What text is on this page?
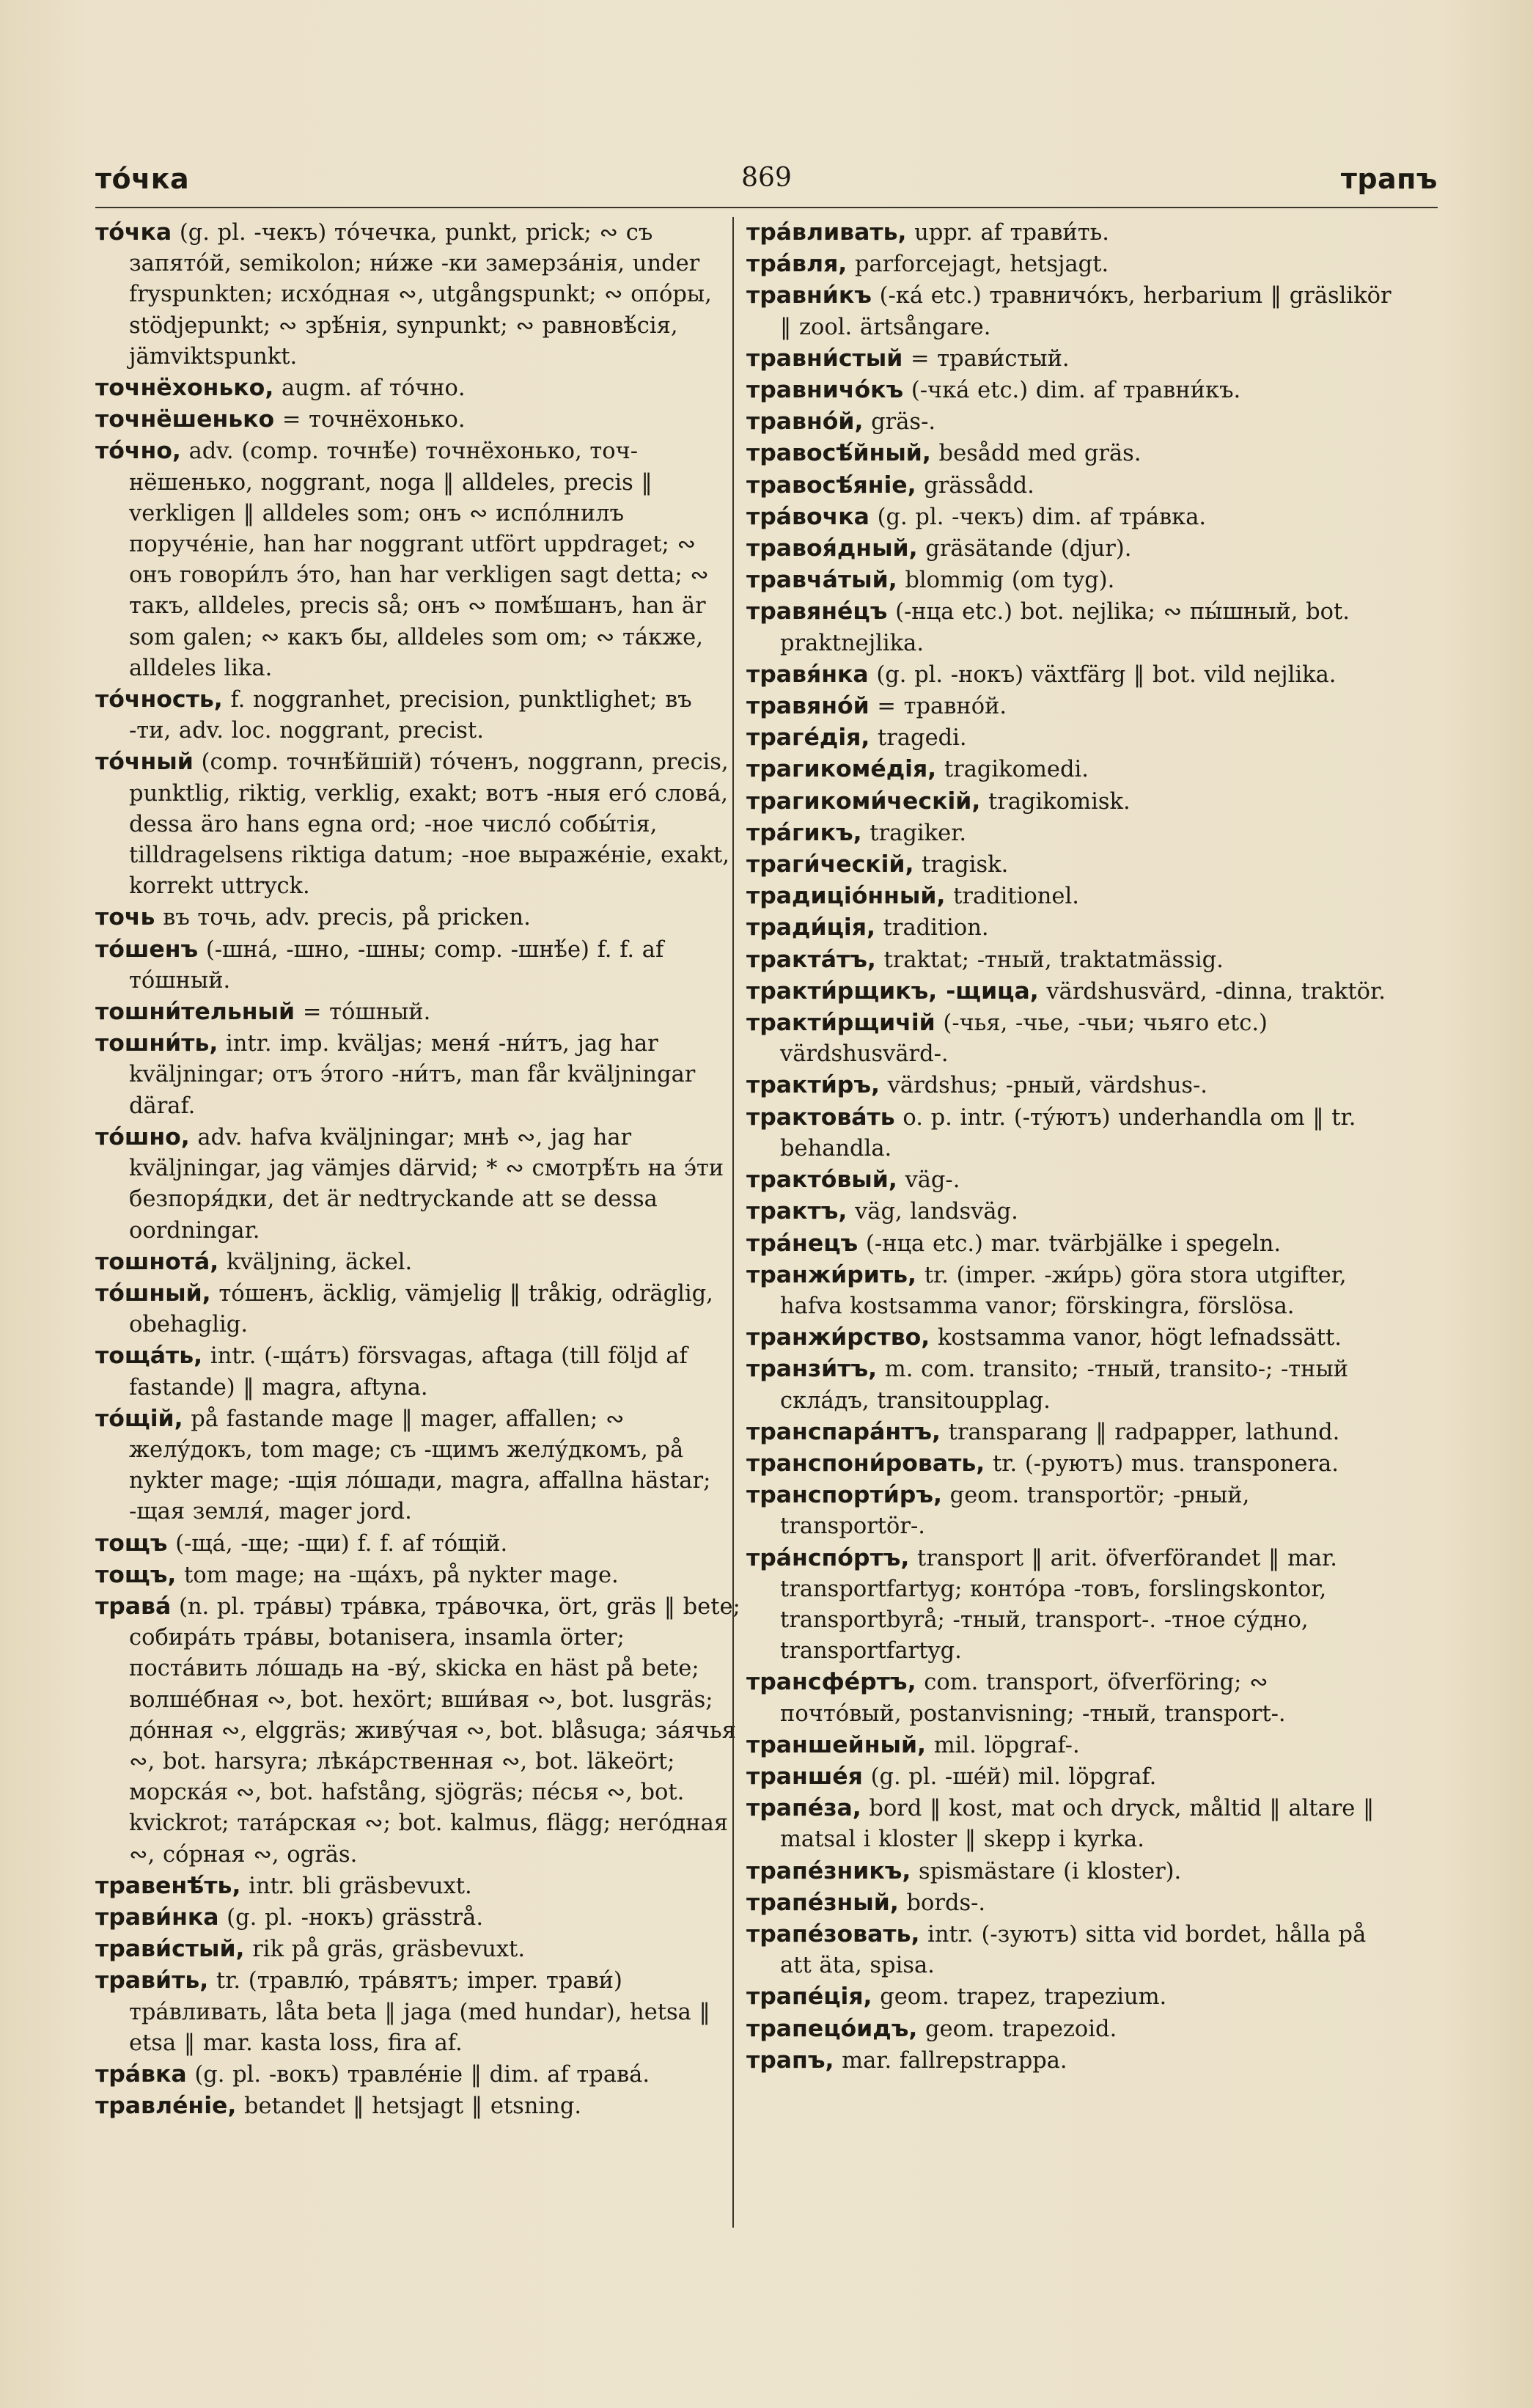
то́чка	869	трапъ

то́чка (g. pl. -чекъ) то́чечка, punkt, prick; ∾ съ запято́й, semikolon; ни́же -ки замерза́нія, under fryspunkten; исхо́дная ∾, utgångspunkt; ∾ опо́ры, stödjepunkt; ∾ зрѣ́нія, synpunkt; ∾ равновѣ́сія, jämviktspunkt.

точнёхонько, augm. af то́чно.

точнёшенько = точнёхонько.

то́чно, adv. (comp. точнѣ́е) точнёхонько, точнёшенько, noggrant, noga ‖ alldeles, precis ‖ verkligen ‖ alldeles som; онъ ∾ испо́лнилъ поруче́ніе, han har noggrant utfört uppdraget; ∾ онъ говори́лъ э́то, han har verkligen sagt detta; ∾ такъ, alldeles, precis så; онъ ∾ помѣ́шанъ, han är som galen; ∾ какъ бы, alldeles som om; ∾ та́кже, alldeles lika.

то́чность, f. noggranhet, precision, punktlighet; въ -ти, adv. loc. noggrant, precist.

то́чный (comp. точнѣ́йшій) то́ченъ, noggrann, precis, punktlig, riktig, verklig, exakt; вотъ -ныя его́ слова́, dessa äro hans egna ord; -ное число́ собы́тія, tilldragelsens riktiga datum; -ное выраже́ніе, exakt, korrekt uttryck.

точь въ точь, adv. precis, på pricken.

то́шенъ (-шна́, -шно, -шны; comp. -шнѣ́е) f. f. af то́шный.

тошни́тельный = то́шный.

тошни́ть, intr. imp. kväljas; меня́ -ни́тъ, jag har kväljningar; отъ э́того -ни́тъ, man får kväljningar däraf.

то́шно, adv. hafva kväljningar; мнѣ ∾, jag har kväljningar, jag vämjes därvid; * ∾ смотрѣ́ть на э́ти безпоря́дки, det är nedtryckande att se dessa oordningar.

тошнота́, kväljning, äckel.

то́шный, то́шенъ, äcklig, vämjelig ‖ tråkig, odräglig, obehaglig.

тоща́ть, intr. (-ща́тъ) försvagas, aftaga (till följd af fastande) ‖ magra, aftyna.

то́щій, på fastande mage ‖ mager, affallen; ∾ желу́докъ, tom mage; съ -щимъ желу́дкомъ, på nykter mage; -щія ло́шади, magra, affallna hästar; -щая земля́, mager jord.

тощъ (-ща́, -ще; -щи) f. f. af то́щій.

тощъ, tom mage; на -ща́хъ, på nykter mage.

трава́ (n. pl. тра́вы) тра́вка, тра́вочка, ört, gräs ‖ bete; собира́ть тра́вы, botanisera, insamla örter; поста́вить ло́шадь на -ву́, skicka en häst på bete; волше́бная ∾, bot. hexört; вши́вая ∾, bot. lusgräs; до́нная ∾, elggräs; живу́чая ∾, bot. blåsuga; за́ячья ∾, bot. harsyra; лѣка́рственная ∾, bot. läkeört; морска́я ∾, bot. hafstång, sjögräs; пе́сья ∾, bot. kvickrot; тата́рская ∾; bot. kalmus, flägg; него́дная ∾, со́рная ∾, ogräs.

травенѣ́ть, intr. bli gräsbevuxt.

трави́нка (g. pl. -нокъ) grässtrå.

трави́стый, rik på gräs, gräsbevuxt.

трави́ть, tr. (травлю́, тра́вятъ; imper. трави́) тра́вливать, låta beta ‖ jaga (med hundar), hetsa ‖ etsa ‖ mar. kasta loss, fira af.

тра́вка (g. pl. -вокъ) травле́ніе ‖ dim. af трава́.

травле́ніе, betandet ‖ hetsjagt ‖ etsning.

тра́вливать, uppr. af трави́ть.

тра́вля, parforcejagt, hetsjagt.

травни́къ (-ка́ etc.) травничо́къ, herbarium ‖ gräslikör ‖ zool. ärtsångare.

травни́стый = трави́стый.

травничо́къ (-чка́ etc.) dim. af травни́къ.

травно́й, gräs-.

травосѣ́йный, besådd med gräs.

травосѣ́яніе, grässådd.

тра́вочка (g. pl. -чекъ) dim. af тра́вка.

травоя́дный, gräsätande (djur).

травча́тый, blommig (om tyg).

травяне́цъ (-нца etc.) bot. nejlika; ∾ пы́шный, bot. praktnejlika.

травя́нка (g. pl. -нокъ) växtfärg ‖ bot. vild nejlika.

травяно́й = травно́й.

траге́дія, tragedi.

трагикоме́дія, tragikomedi.

трагикоми́ческій, tragikomisk.

тра́гикъ, tragiker.

траги́ческій, tragisk.

традицiо́нный, traditionel.

тради́ція, tradition.

тракта́тъ, traktat; -тный, traktatmässig.

тракти́рщикъ, -щица, värdshusvärd, -dinna, traktör.

тракти́рщичій (-чья, -чье, -чьи; чьяго etc.) värdshusvärd-.

тракти́ръ, värdshus; -рный, värdshus-.

трактова́ть o. p. intr. (-ту́ютъ) underhandla om ‖ tr. behandla.

тракто́вый, väg-.

трактъ, väg, landsväg.

тра́нецъ (-нца etc.) mar. tvärbjälke i spegeln.

транжи́рить, tr. (imper. -жи́рь) göra stora utgifter, hafva kostsamma vanor; förskingra, förslösa.

транжи́рство, kostsamma vanor, högt lefnadssätt.

транзи́тъ, m. com. transito; -тный, transito-; -тный скла́дъ, transitoupplag.

транспара́нтъ, transparang ‖ radpapper, lathund.

транспони́ровать, tr. (-руютъ) mus. transponera.

транспорти́ръ, geom. transportör; -рный, transportör-.

тра́нспо́ртъ, transport ‖ arit. öfverförandet ‖ mar. transportfartyg; конто́ра -товъ, forslingskontor, transportbyrå; -тный, transport-. -тное су́дно, transportfartyg.

трансфе́ртъ, com. transport, öfverföring; ∾ почто́вый, postanvisning; -тный, transport-.

траншейный, mil. löpgraf-.

транше́я (g. pl. -ше́й) mil. löpgraf.

трапе́за, bord ‖ kost, mat och dryck, måltid ‖ altare ‖ matsal i kloster ‖ skepp i kyrka.

трапе́зникъ, spismästare (i kloster).

трапе́зный, bords-.

трапе́зовать, intr. (-зуютъ) sitta vid bordet, hålla på att äta, spisa.

трапе́ція, geom. trapez, trapezium.

трапецо́идъ, geom. trapezoid.

трапъ, mar. fallrepstrappa.
